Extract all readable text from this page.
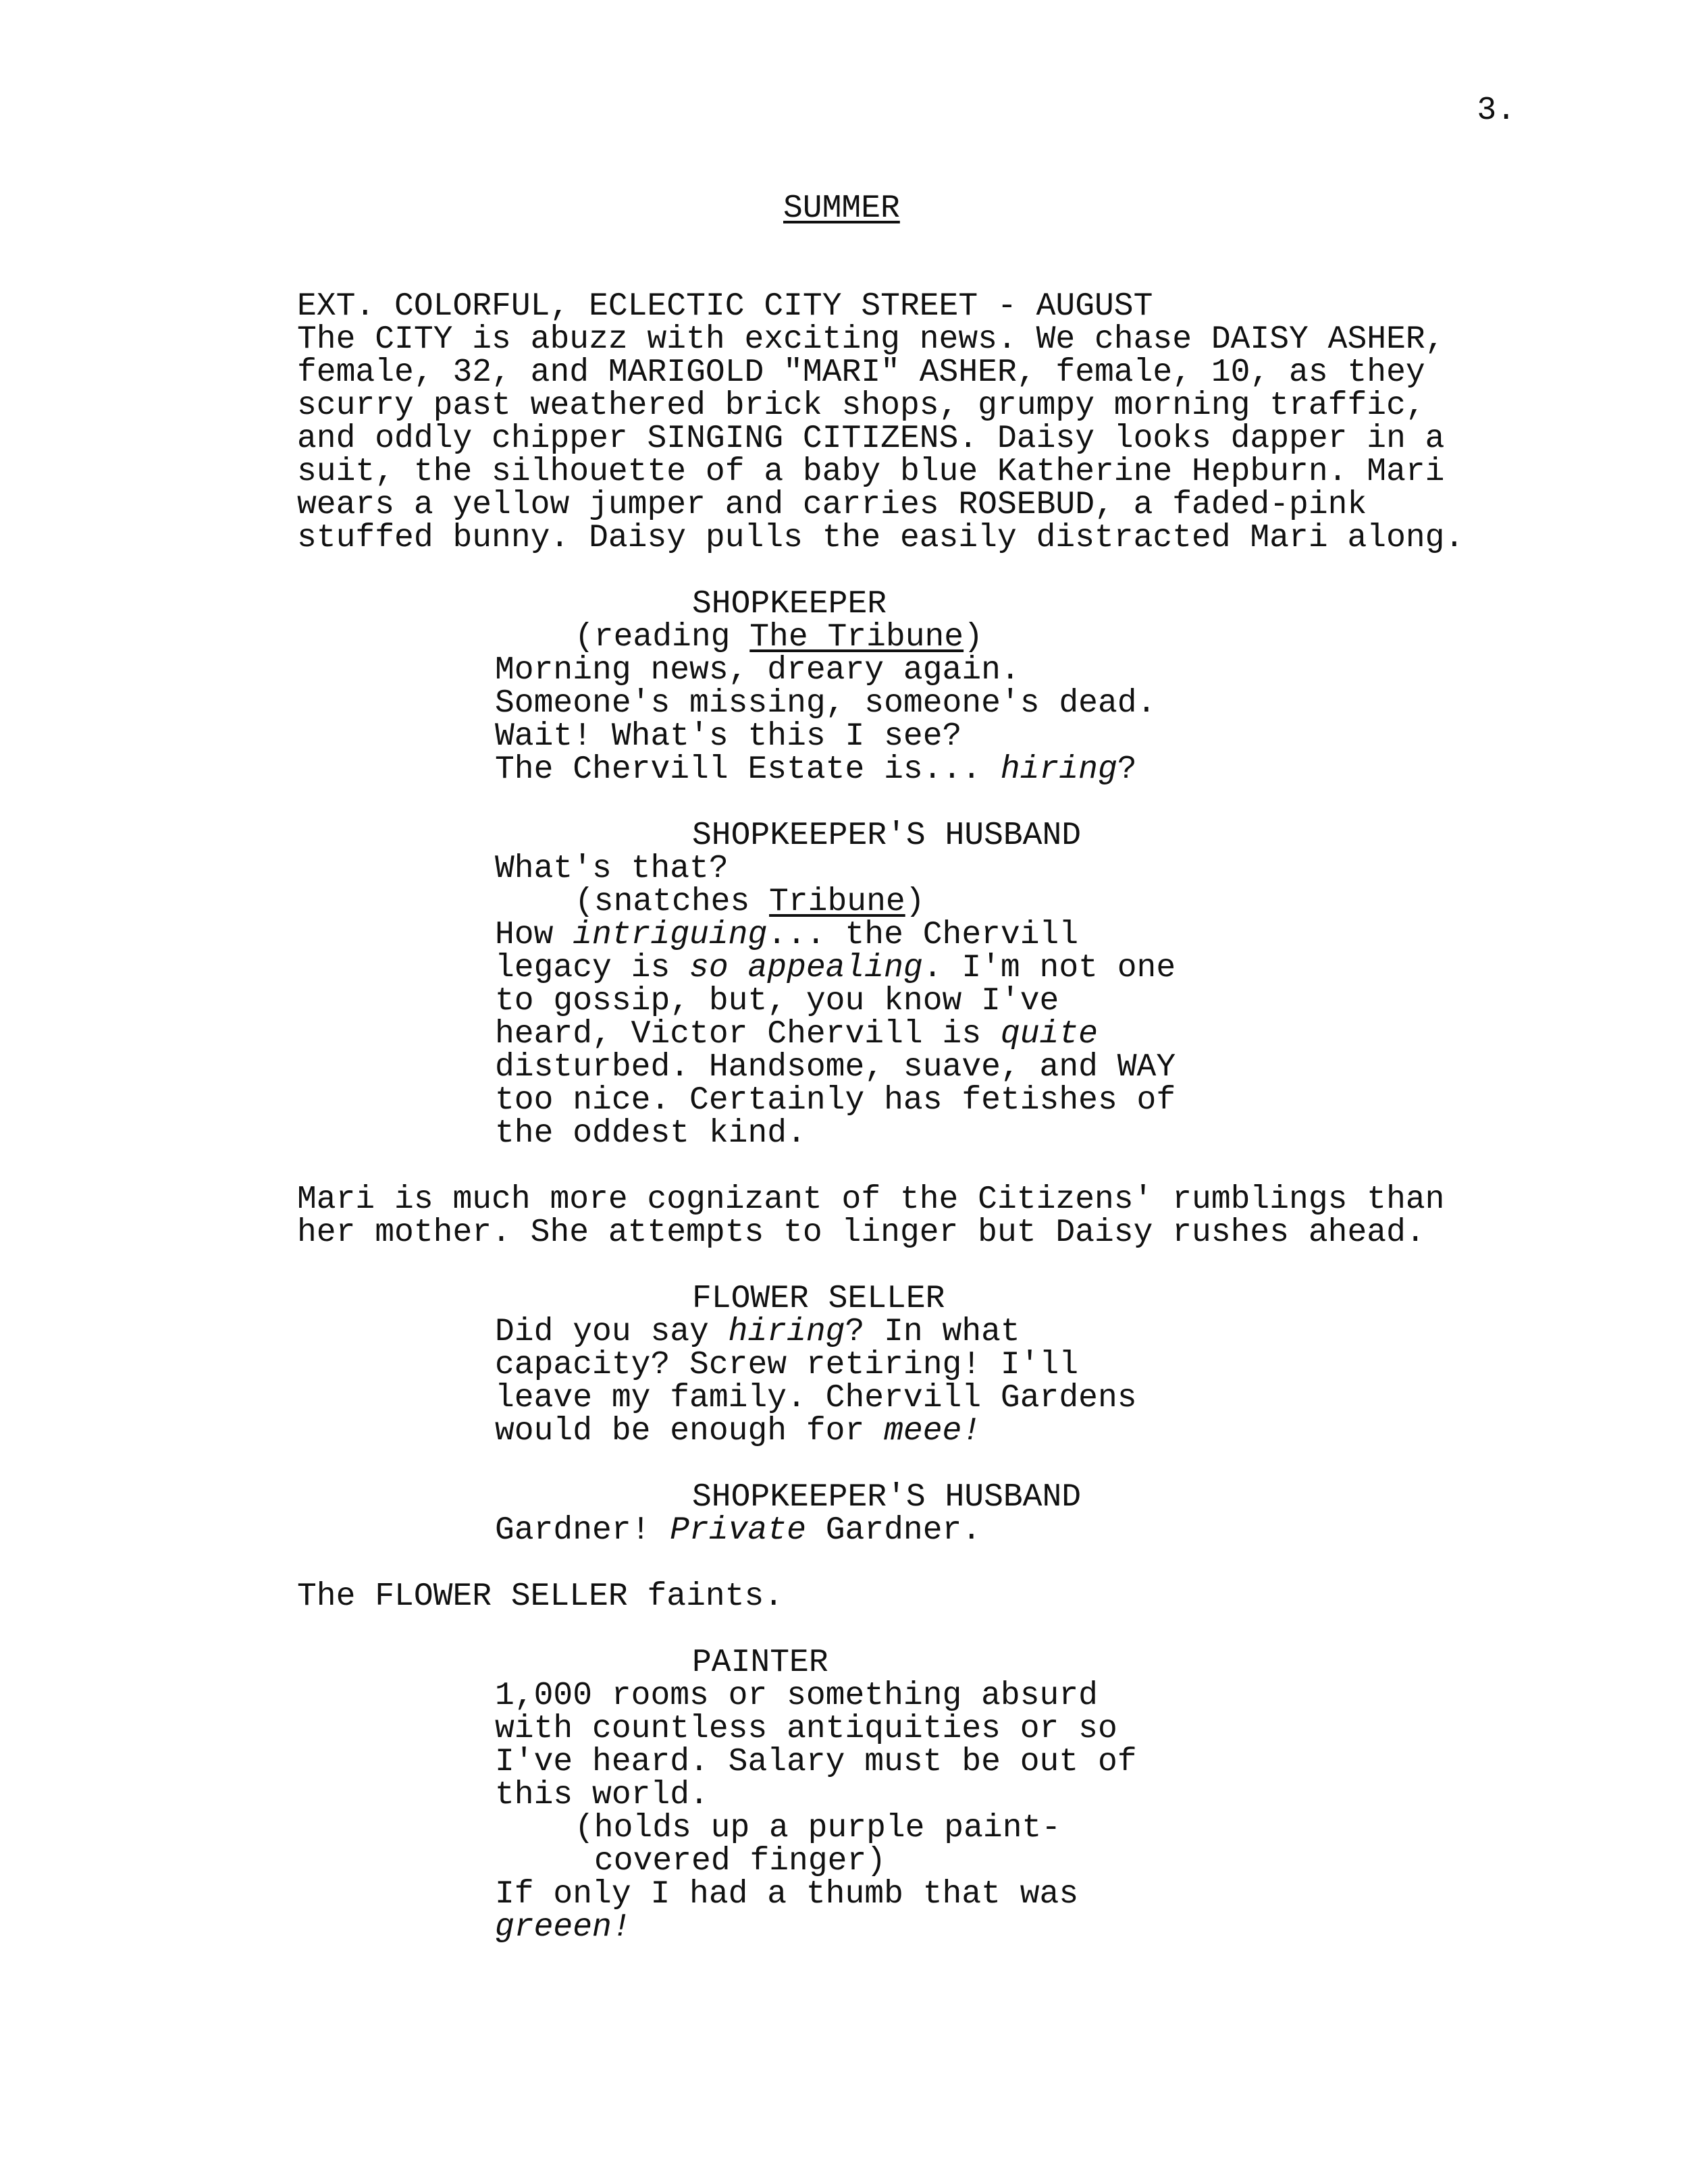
3.

SUMMER

EXT. COLORFUL, ECLECTIC CITY STREET - AUGUST

The CITY is abuzz with exciting news. We chase DAISY ASHER,

female, 32, and MARIGOLD "MARI" ASHER, female, 10, as they

scurry past weathered brick shops, grumpy morning traffic,

and oddly chipper SINGING CITIZENS. Daisy looks dapper in a

suit, the silhouette of a baby blue Katherine Hepburn. Mari

wears a yellow jumper and carries ROSEBUD, a faded-pink

stuffed bunny. Daisy pulls the easily distracted Mari along.

SHOPKEEPER

(reading The Tribune)

Morning news, dreary again.

Someone's missing, someone's dead.

Wait! What's this I see?

The Chervill Estate is... hiring?

SHOPKEEPER'S HUSBAND

What's that?

(snatches Tribune)

How intriguing... the Chervill

legacy is so appealing. I'm not one

to gossip, but, you know I've

heard, Victor Chervill is quite

disturbed. Handsome, suave, and WAY

too nice. Certainly has fetishes of

the oddest kind.

Mari is much more cognizant of the Citizens' rumblings than

her mother. She attempts to linger but Daisy rushes ahead.

FLOWER SELLER

Did you say hiring? In what

capacity? Screw retiring! I'll

leave my family. Chervill Gardens

would be enough for meee!

SHOPKEEPER'S HUSBAND

Gardner! Private Gardner.

The FLOWER SELLER faints.

PAINTER

1,000 rooms or something absurd

with countless antiquities or so

I've heard. Salary must be out of

this world.

(holds up a purple paint-

covered finger)

If only I had a thumb that was

greeen!
